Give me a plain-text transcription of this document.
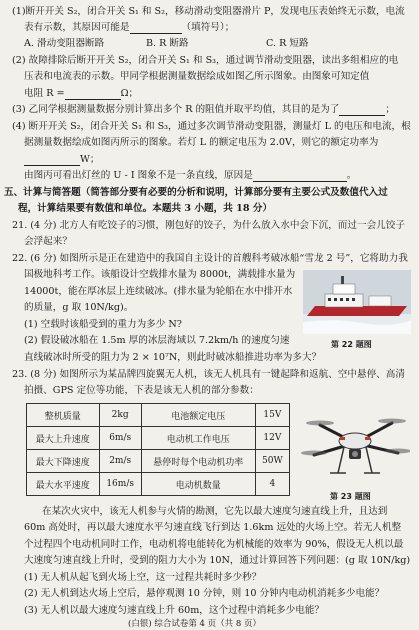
(1)断开开关 S₂，闭合开关 S₁ 和 S₂，移动滑动变阻器滑片 P，发现电压表始终无示数，电流
表有示数，其原因可能是	（填符号）；
A. 滑动变阻器断路	B. R 断路	C. R 短路
(2) 故障排除后断开开关 S₂，闭合开关 S₁ 和 S₃，通过调节滑动变阻器，读出多组相应的电
压表和电流表的示数。甲同学根据测量数据绘成如图乙所示图象。由图象可知定值
电阻 R =	Ω；
(3) 乙同学根据测量数据分别计算出多个 R 的阻值并取平均值，其目的是为了	；
(4) 断开开关 S₂，闭合开关 S₁ 和 S₃，通过多次调节滑动变阻器，测量灯 L 的电压和电流，根
据测量数据绘成如图丙所示的图象。若灯 L 的额定电压为 2.0V，则它的额定功率为
W；
由图丙可看出灯丝的 U - I 图象不是一条直线，原因是	。
五、计算与简答题（简答部分要有必要的分析和说明，计算部分要有主要公式及数值代入过
程，计算结果要有数值和单位。本题共 3 小题，共 18 分）
21. (4 分) 北方人有吃饺子的习惯，刚包好的饺子，为什么放入水中会下沉，而过一会儿饺子
会浮起来？
22. (6 分) 如图所示是正在建造中的我国自主设计的首艘科考破冰船“雪龙 2 号”，它将助力我
国极地科考工作。该船设计空载排水量为 8000t，满载排水量为
14000t，能在厚冰层上连续破冰。(排水量为轮船在水中排开水
的质量，g 取 10N/kg)。
(1) 空载时该船受到的重力为多少 N?
(2) 假设破冰船在 1.5m 厚的冰层海域以 7.2km/h 的速度匀速
直线破冰时所受的阻力为 2 × 10⁷N，则此时破冰船推进功率为多大？
第 22 题图
23. (8 分) 如图所示为某品牌四旋翼无人机，该无人机具有一键起降和返航、空中悬停、高清
拍摄、GPS 定位等功能，下表是该无人机的部分参数：
整机质量	2kg	电池额定电压	15V
最大上升速度	6m/s	电动机工作电压	12V
最大下降速度	2m/s	悬停时每个电动机功率	50W
最大水平速度	16m/s	电动机数量	4
第 23 题图
在某次火灾中，该无人机参与火情的勘测，它先以最大速度匀速直线上升，且达到
60m 高处时，再以最大速度水平匀速直线飞行到达 1.6km 远处的火场上空。若无人机整
个过程四个电动机同时工作，电动机将电能转化为机械能的效率为 90%，假设无人机以最
大速度匀速直线上升时，受到的阻力大小为 10N，通过计算回答下列问题：(g 取 10N/kg)
(1) 无人机从起飞到火场上空，这一过程共耗时多少秒？
(2) 无人机到达火场上空后，悬停观测 10 分钟，则 10 分钟内电动机消耗多少电能？
(3) 无人机以最大速度匀速直线上升 60m，这个过程中消耗多少电能？
(白银) 综合试卷第 4 页（共 8 页）
